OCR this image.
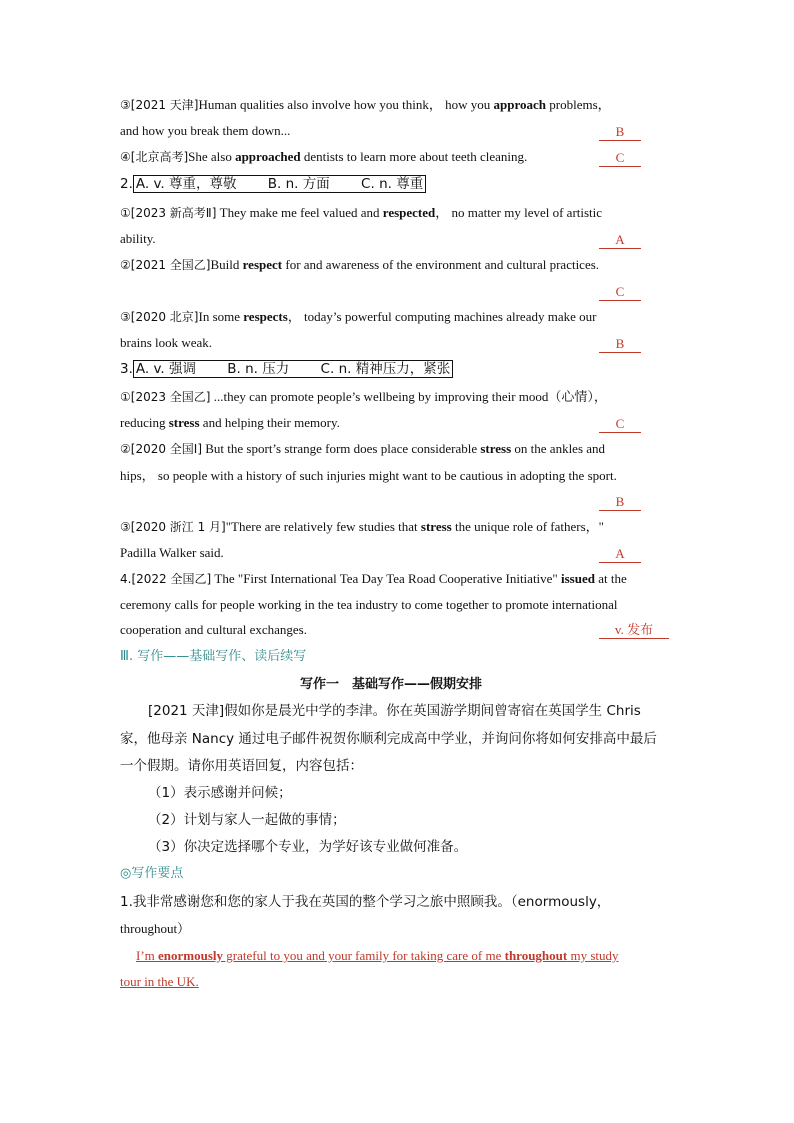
③[2021 天津]Human qualities also involve how you think， how you approach problems，
and how you break them down...	B
④[北京高考]She also approached dentists to learn more about teeth cleaning.	C
2. A. v. 尊重，尊敬　　 B. n. 方面　　 C. n. 尊重
①[2023 新高考Ⅱ] They make me feel valued and respected， no matter my level of artistic
ability.	A
②[2021 全国乙]Build respect for and awareness of the environment and cultural practices.
C
③[2020 北京]In some respects， today’s powerful computing machines already make our
brains look weak.	B
3. A. v. 强调　　 B. n. 压力　　 C. n. 精神压力，紧张
①[2023 全国乙] ...they can promote people’s wellbeing by improving their mood（心情），
reducing stress and helping their memory.	C
②[2020 全国Ⅰ] But the sport’s strange form does place considerable stress on the ankles and
hips， so people with a history of such injuries might want to be cautious in adopting the sport.
B
③[2020 浙江 1 月]"There are relatively few studies that stress the unique role of fathers，"
Padilla Walker said.	A
4.[2022 全国乙] The "First International Tea Day Tea Road Cooperative Initiative" issued at the
ceremony calls for people working in the tea industry to come together to promote international
cooperation and cultural exchanges.	v. 发布
Ⅲ. 写作——基础写作、读后续写
写作一　基础写作——假期安排
[2021 天津]假如你是晨光中学的李津。你在英国游学期间曾寄宿在英国学生 Chris
家，他母亲 Nancy 通过电子邮件祝贺你顺利完成高中学业，并询问你将如何安排高中最后
一个假期。请你用英语回复，内容包括：
（1）表示感谢并问候；
（2）计划与家人一起做的事情；
（3）你决定选择哪个专业，为学好该专业做何准备。
◎写作要点
1.我非常感谢您和您的家人于我在英国的整个学习之旅中照顾我。（enormously，
throughout）
I’m enormously grateful to you and your family for taking care of me throughout my study
tour in the UK.
